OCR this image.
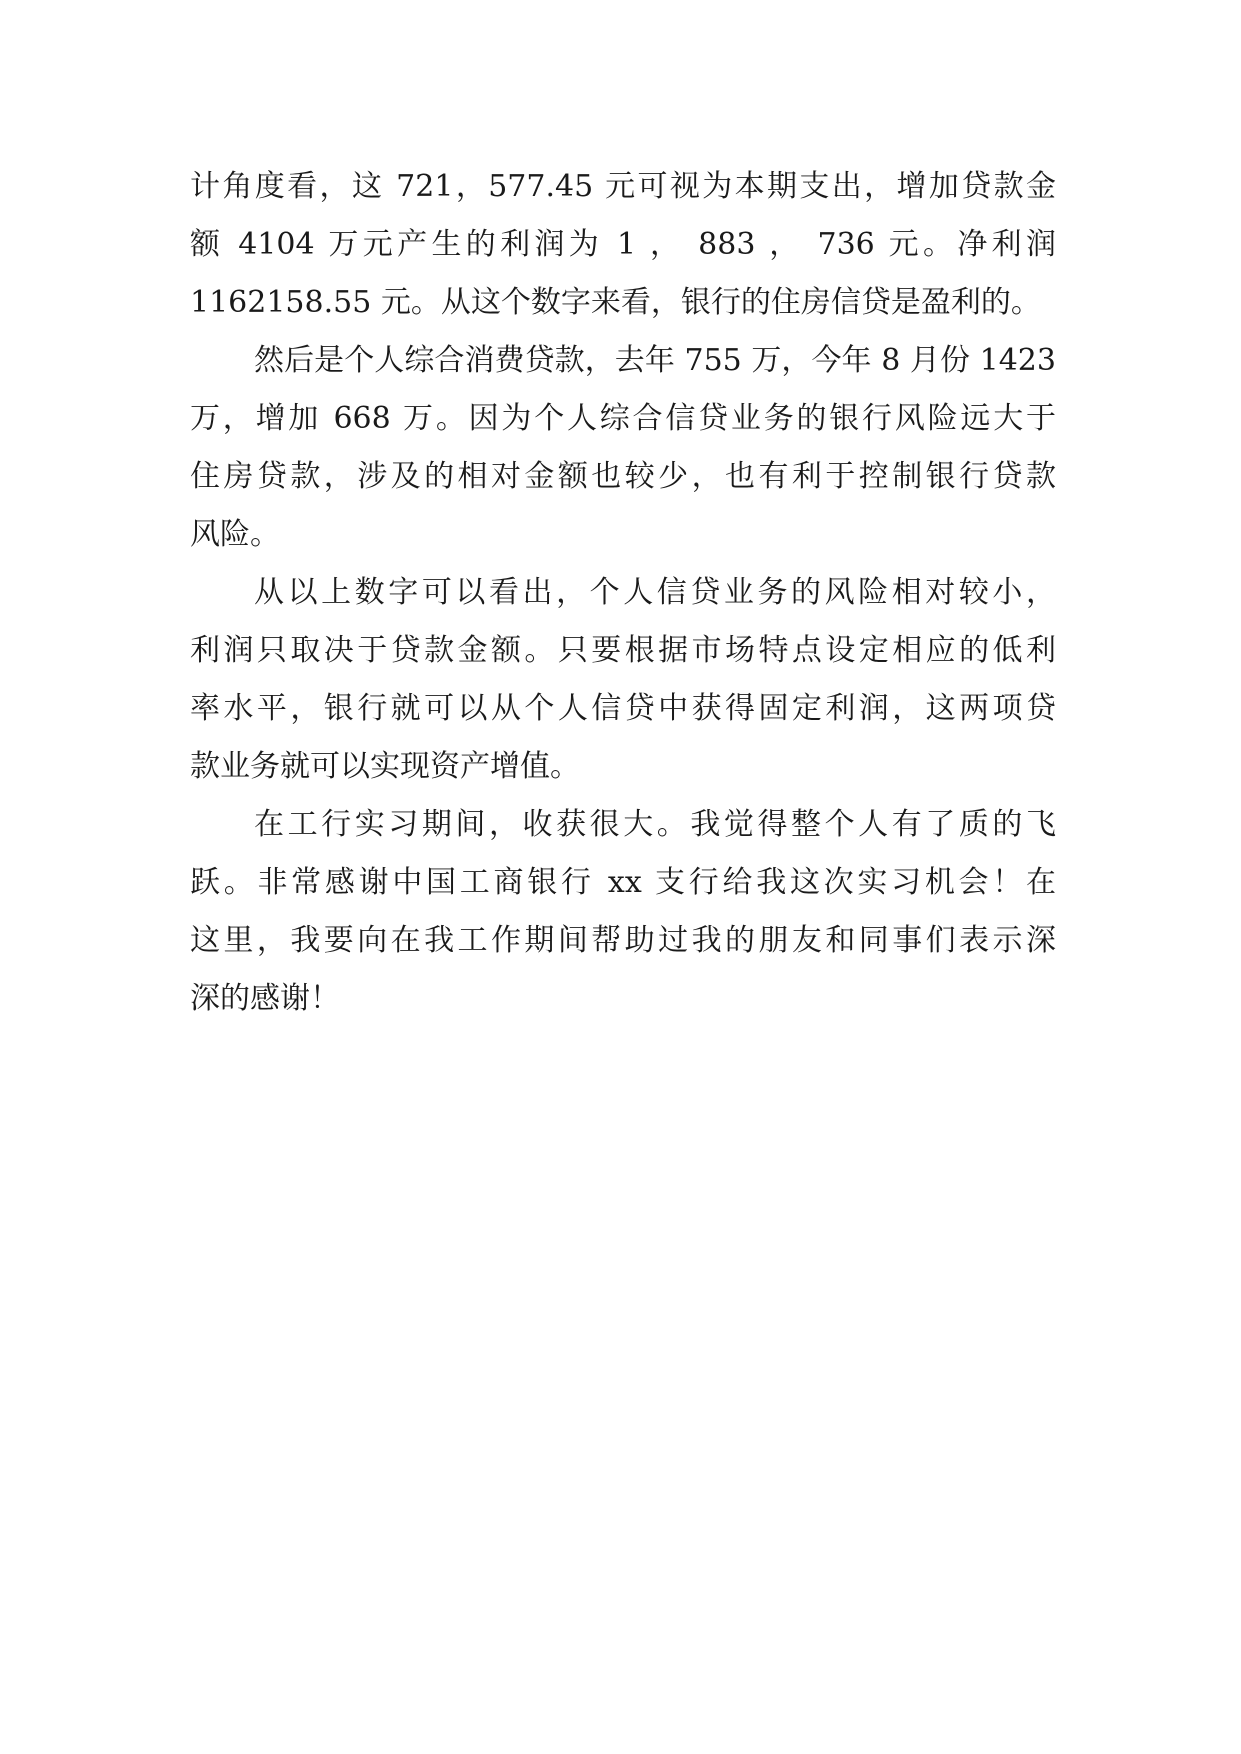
计角度看，这 721，577.45 元可视为本期支出，增加贷款金

额 4104 万元产生的利润为 1 ， 883 ， 736 元。净利润

1162158.55 元。从这个数字来看，银行的住房信贷是盈利的。

然后是个人综合消费贷款，去年 755 万，今年 8 月份 1423

万，增加 668 万。因为个人综合信贷业务的银行风险远大于

住房贷款，涉及的相对金额也较少，也有利于控制银行贷款

风险。

从以上数字可以看出，个人信贷业务的风险相对较小，

利润只取决于贷款金额。只要根据市场特点设定相应的低利

率水平，银行就可以从个人信贷中获得固定利润，这两项贷

款业务就可以实现资产增值。

在工行实习期间，收获很大。我觉得整个人有了质的飞

跃。非常感谢中国工商银行 xx 支行给我这次实习机会！在

这里，我要向在我工作期间帮助过我的朋友和同事们表示深

深的感谢！
